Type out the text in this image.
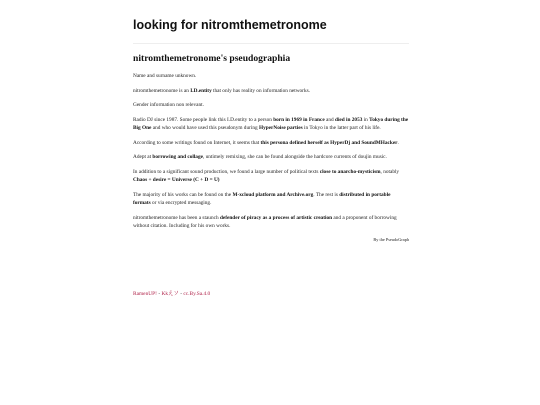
looking for nitromthemetronome
nitromthemetronome's pseudographia

Name and surname unknown.

nitromthemetronome is an I.D.entity that only has reality on information networks.

Gender information non relevant.

Radio DJ since 1987. Some people link this I.D.entity to a person born in 1969 in France and died in 2053 in Tokyo during the Big One and who would have used this pseudonym during HyperNoise parties in Tokyo in the latter part of his life.

According to some writings found on Internet, it seems that this persona defined herself as HyperDj and SoundMHacker.

Adept at borrowing and collage, untimely remixing, she can be found alongside the hardcore currents of doujin music.

In addition to a significant sound production, we found a large number of political texts close to anarcho-mysticism, notably Chaos + desire = Universe (C + D = U)

The majority of his works can be found on the M-xcloud platform and Archive.org. The rest is distributed in portable formats or via encrypted messaging.

nitromthemetronome has been a staunch defender of piracy as a process of artistic creation and a proponent of borrowing without citation. Including for his own works.

By the PseudoGraph

RamenUP! - Kkえソ - cc.By.Sa.4.0
